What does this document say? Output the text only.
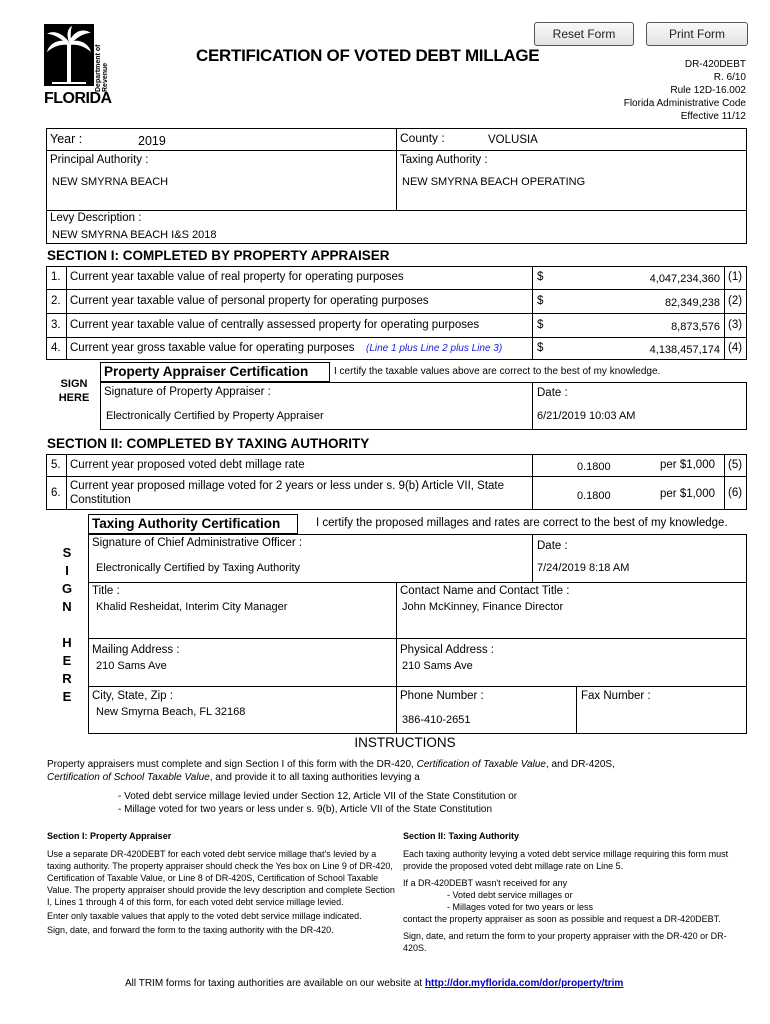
Reset Form	Print Form
Department of Revenue
FLORIDA
CERTIFICATION OF VOTED DEBT MILLAGE	DR-420DEBT
R. 6/10
Rule 12D-16.002
Florida Administrative Code
Effective 11/12
Year :	2019	County :	VOLUSIA
Principal Authority :
NEW SMYRNA BEACH
Taxing Authority :
NEW SMYRNA BEACH OPERATING
Levy Description :
NEW SMYRNA BEACH I&S 2018
SECTION I: COMPLETED BY PROPERTY APPRAISER
1. Current year taxable value of real property for operating purposes	$	4,047,234,360 (1)
2. Current year taxable value of personal property for operating purposes	$	82,349,238 (2)
3. Current year taxable value of centrally assessed property for operating purposes	$	8,873,576 (3)
4. Current year gross taxable value for operating purposes (Line 1 plus Line 2 plus Line 3)	$	4,138,457,174 (4)
SIGN HERE
Property Appraiser Certification	I certify the taxable values above are correct to the best of my knowledge.
Signature of Property Appraiser :
Electronically Certified by Property Appraiser
Date :
6/21/2019 10:03 AM
SECTION II: COMPLETED BY TAXING AUTHORITY
5. Current year proposed voted debt millage rate	0.1800	per $1,000 (5)
6.
Current year proposed millage voted for 2 years or less under s. 9(b) Article VII, State Constitution	0.1800	per $1,000 (6)
Taxing Authority Certification	I certify the proposed millages and rates are correct to the best of my knowledge.
S
I
G
N
H
E
R
E
Signature of Chief Administrative Officer :
Electronically Certified by Taxing Authority
Date :
7/24/2019 8:18 AM
Title :
Khalid Resheidat, Interim City Manager
Contact Name and Contact Title :
John McKinney, Finance Director
Mailing Address :
210 Sams Ave
Physical Address :
210 Sams Ave
City, State, Zip :
New Smyrna Beach, FL 32168
Phone Number :
386-410-2651
Fax Number :
INSTRUCTIONS
Property appraisers must complete and sign Section I of this form with the DR-420, Certification of Taxable Value, and DR-420S,
Certification of School Taxable Value, and provide it to all taxing authorities levying a
- Voted debt service millage levied under Section 12, Article VII of the State Constitution or
- Millage voted for two years or less under s. 9(b), Article VII of the State Constitution
Section I: Property Appraiser
Use a separate DR-420DEBT for each voted debt service millage that's levied by a taxing authority. The property appraiser should check the Yes box on Line 9 of DR-420, Certification of Taxable Value, or Line 8 of DR-420S, Certification of School Taxable Value. The property appraiser should provide the levy description and complete Section I, Lines 1 through 4 of this form, for each voted debt service millage levied.
Enter only taxable values that apply to the voted debt service millage indicated.
Sign, date, and forward the form to the taxing authority with the DR-420.
Section II: Taxing Authority
Each taxing authority levying a voted debt service millage requiring this form must provide the proposed voted debt millage rate on Line 5.
If a DR-420DEBT wasn't received for any
- Voted debt service millages or
- Millages voted for two years or less
contact the property appraiser as soon as possible and request a DR-420DEBT.
Sign, date, and return the form to your property appraiser with the DR-420 or DR-420S.
All TRIM forms for taxing authorities are available on our website at http://dor.myflorida.com/dor/property/trim
